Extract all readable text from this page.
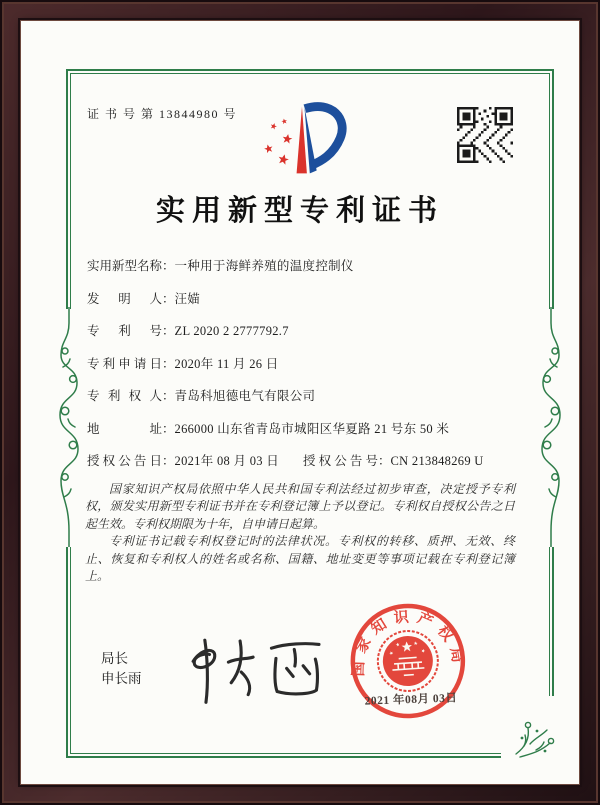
证 书 号 第 13844980 号
实用新型专利证书
实用新型名称：一种用于海鲜养殖的温度控制仪
发明人：汪媌
专利号：ZL 2020 2 2777792.7
专利申请日：2020年 11 月 26 日
专利权人：青岛科旭德电气有限公司
地址：266000 山东省青岛市城阳区华夏路 21 号东 50 米
授权公告日：2021年 08 月 03 日 授权公告号：CN 213848269 U

国家知识产权局依照中华人民共和国专利法经过初步审查，决定授予专利权，颁发实用新型专利证书并在专利登记簿上予以登记。专利权自授权公告之日起生效。专利权期限为十年，自申请日起算。

专利证书记载专利权登记时的法律状况。专利权的转移、质押、无效、终止、恢复和专利权人的姓名或名称、国籍、地址变更等事项记载在专利登记簿上。

局长
申长雨
国家知识产权局
2021 年08月 03日
